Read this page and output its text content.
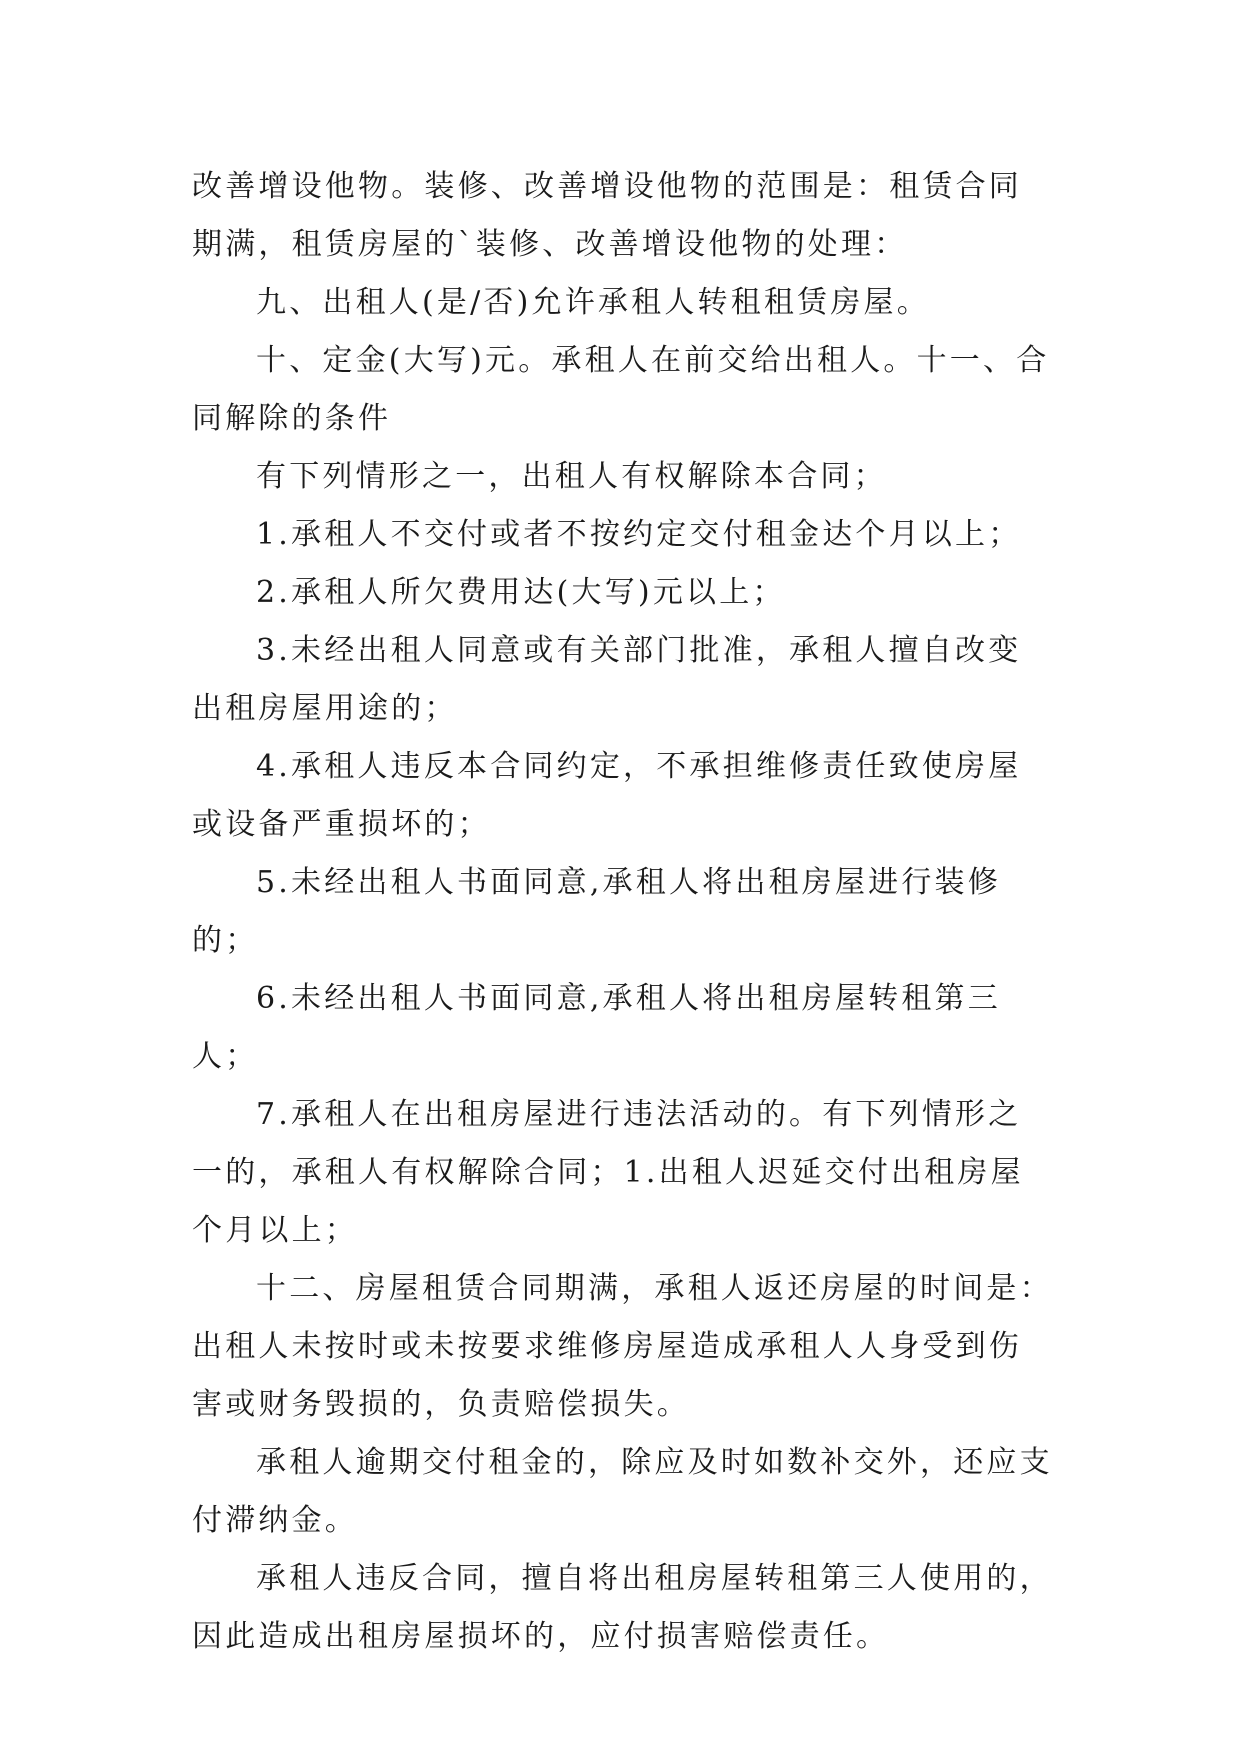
改善增设他物。装修、改善增设他物的范围是：租赁合同期满，租赁房屋的`装修、改善增设他物的处理：

九、出租人(是/否)允许承租人转租租赁房屋。

十、定金(大写)元。承租人在前交给出租人。十一、合同解除的条件

有下列情形之一，出租人有权解除本合同；

1.承租人不交付或者不按约定交付租金达个月以上；

2.承租人所欠费用达(大写)元以上；

3.未经出租人同意或有关部门批准，承租人擅自改变出租房屋用途的；

4.承租人违反本合同约定，不承担维修责任致使房屋或设备严重损坏的；

5.未经出租人书面同意,承租人将出租房屋进行装修的；

6.未经出租人书面同意,承租人将出租房屋转租第三人；

7.承租人在出租房屋进行违法活动的。有下列情形之一的，承租人有权解除合同；1.出租人迟延交付出租房屋个月以上；

十二、房屋租赁合同期满，承租人返还房屋的时间是：出租人未按时或未按要求维修房屋造成承租人人身受到伤害或财务毁损的，负责赔偿损失。

承租人逾期交付租金的，除应及时如数补交外，还应支付滞纳金。

承租人违反合同，擅自将出租房屋转租第三人使用的，因此造成出租房屋损坏的，应付损害赔偿责任。
